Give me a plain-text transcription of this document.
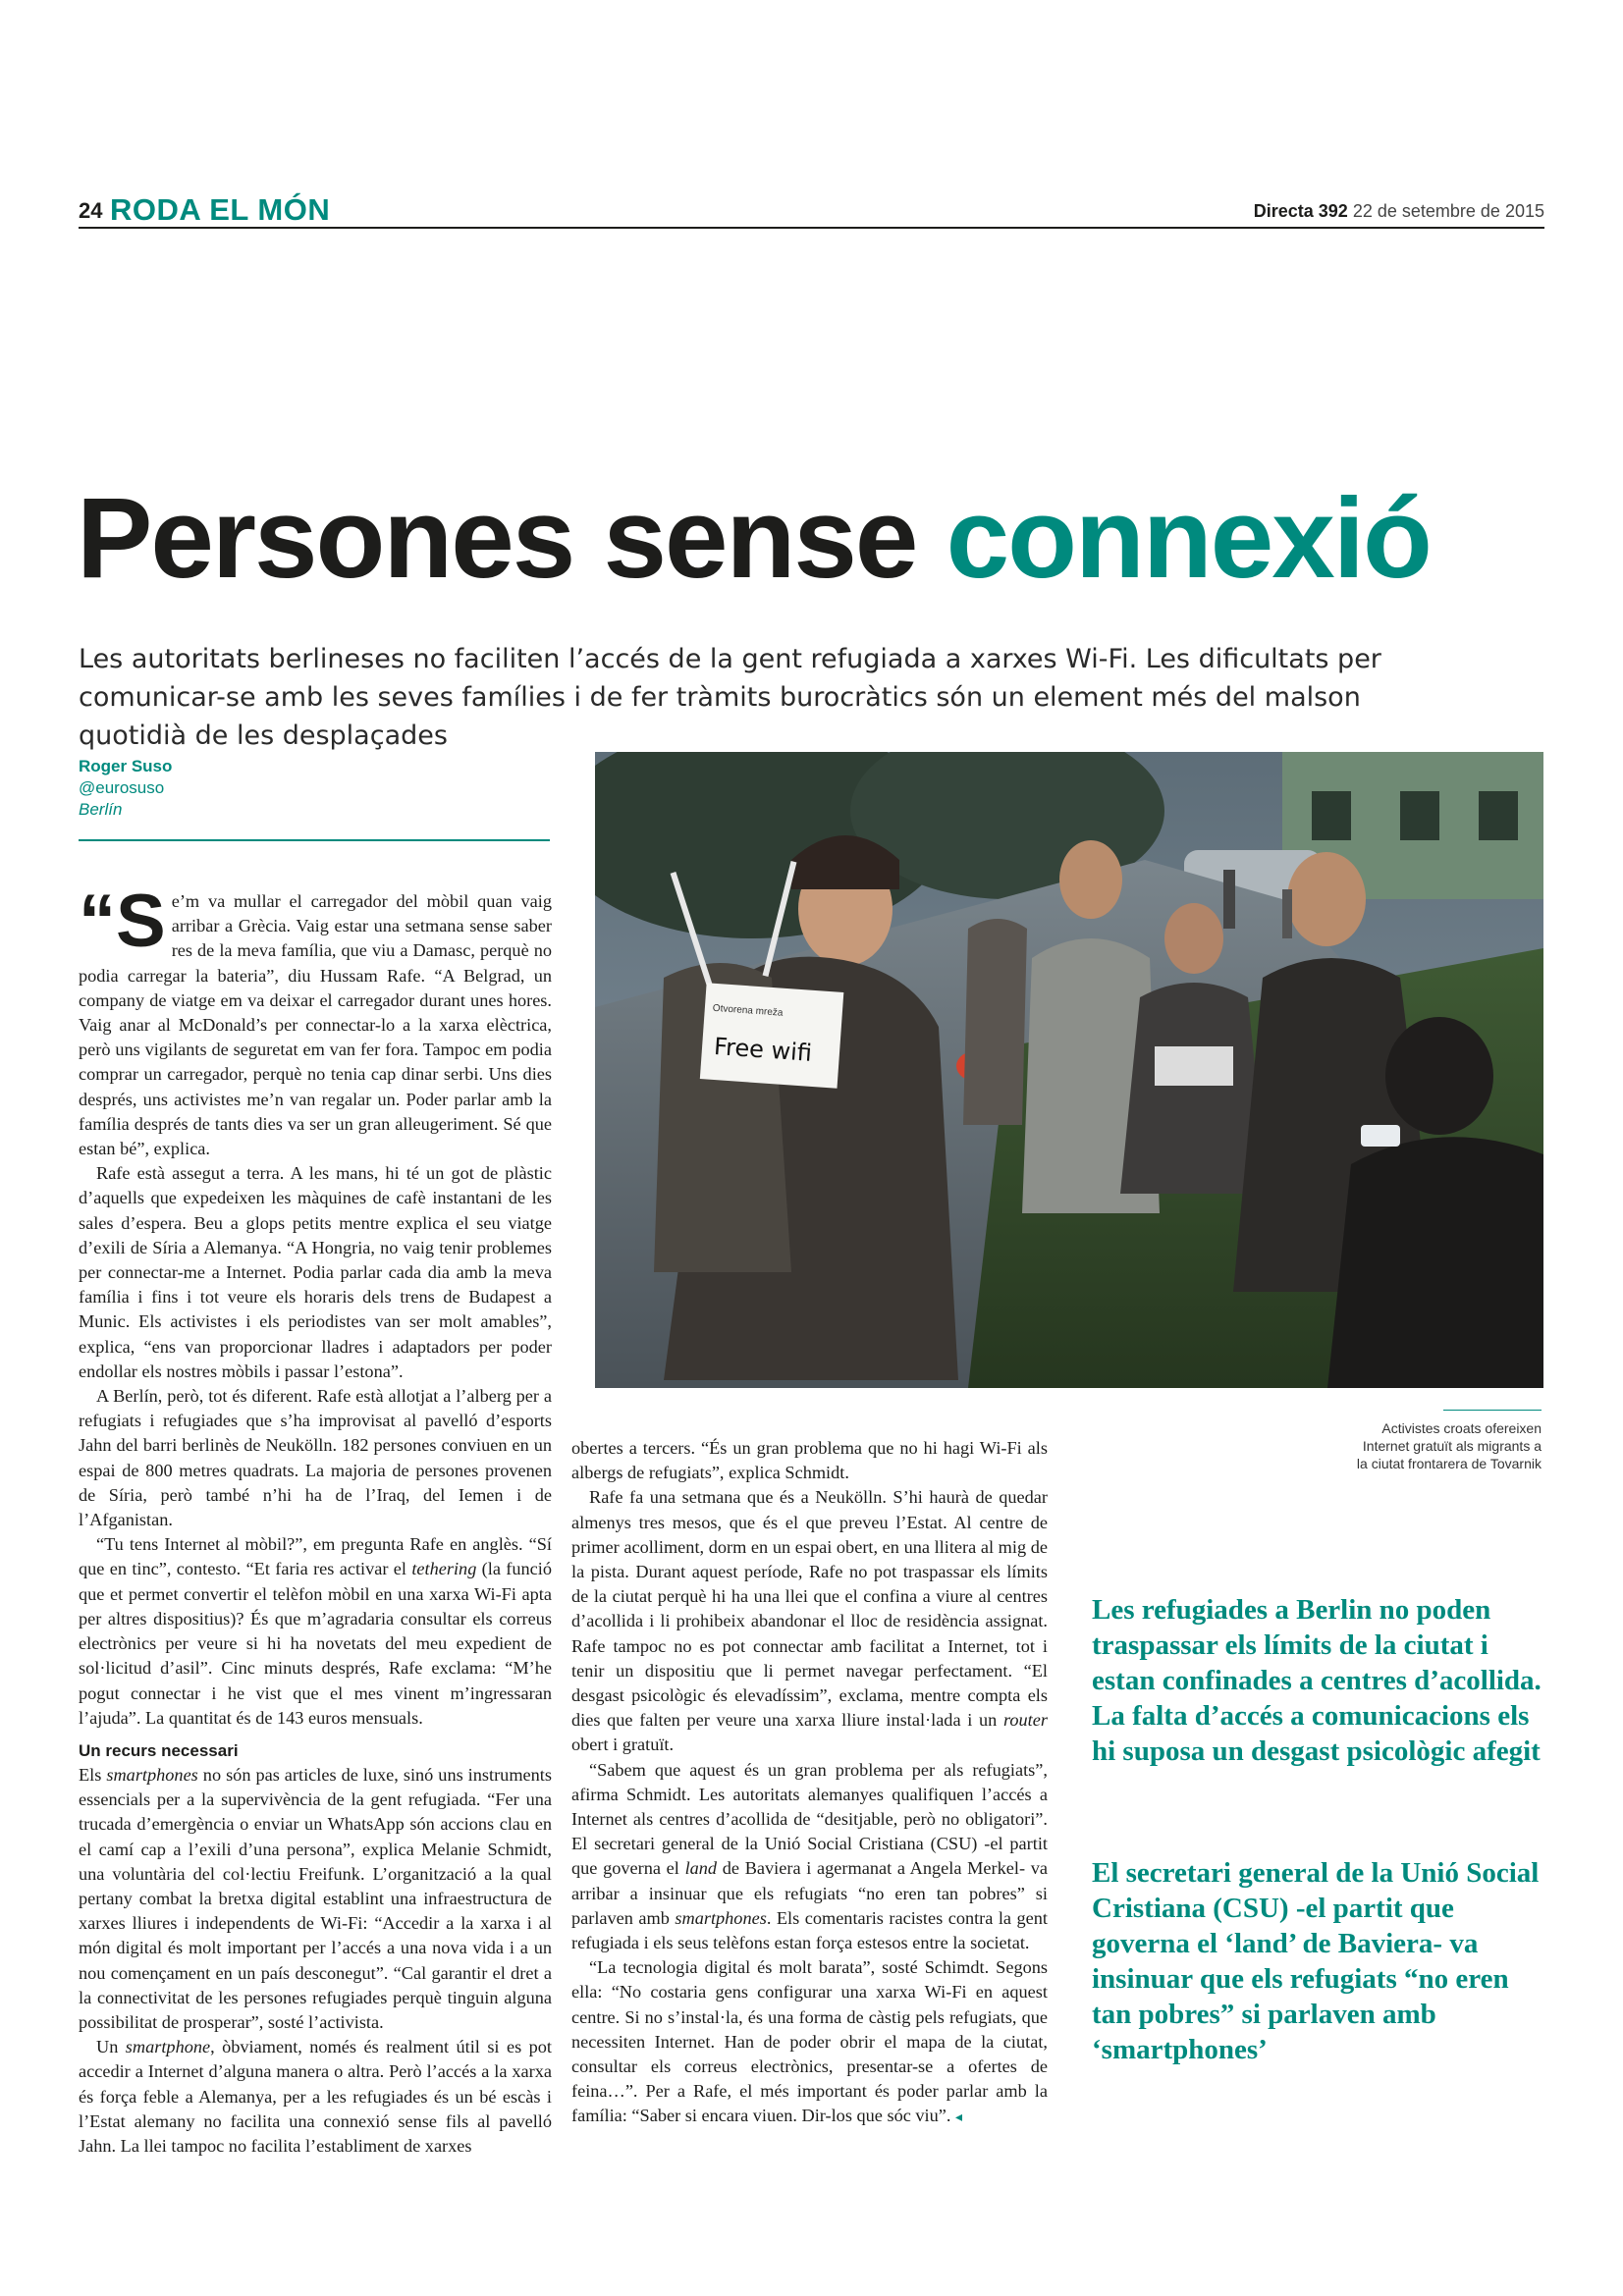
24 RODA EL MÓN	Directa 392 22 de setembre de 2015
Persones sense connexió
Les autoritats berlineses no faciliten l’accés de la gent refugiada a xarxes Wi-Fi. Les dificultats per comunicar-se amb les seves famílies i de fer tràmits burocràtics són un element més del malson quotidià de les desplaçades
Roger Suso
@eurosuso
Berlín

“Se’m va mullar el carregador del mòbil quan vaig arribar a Grècia. Vaig estar una setmana sense saber res de la meva família, que viu a Damasc, perquè no podia carregar la bateria”, diu Hussam Rafe. “A Belgrad, un company de viatge em va deixar el carregador durant unes hores. Vaig anar al McDonald’s per connectar-lo a la xarxa elèctrica, però uns vigilants de seguretat em van fer fora. Tampoc em podia comprar un carregador, perquè no tenia cap dinar serbi. Uns dies després, uns activistes me’n van regalar un. Poder parlar amb la família després de tants dies va ser un gran alleugeriment. Sé que estan bé”, explica.

Rafe està assegut a terra. A les mans, hi té un got de plàstic d’aquells que expedeixen les màquines de cafè instantani de les sales d’espera. Beu a glops petits mentre explica el seu viatge d’exili de Síria a Alemanya. “A Hongria, no vaig tenir problemes per connectar-me a Internet. Podia parlar cada dia amb la meva família i fins i tot veure els horaris dels trens de Budapest a Munic. Els activistes i els periodistes van ser molt amables”, explica, “ens van proporcionar lladres i adaptadors per poder endollar els nostres mòbils i passar l’estona”.

A Berlín, però, tot és diferent. Rafe està allotjat a l’alberg per a refugiats i refugiades que s’ha improvisat al pavelló d’esports Jahn del barri berlinès de Neukölln. 182 persones conviuen en un espai de 800 metres quadrats. La majoria de persones provenen de Síria, però també n’hi ha de l’Iraq, del Iemen i de l’Afganistan.

“Tu tens Internet al mòbil?”, em pregunta Rafe en anglès. “Sí que en tinc”, contesto. “Et faria res activar el tethering (la funció que et permet convertir el telèfon mòbil en una xarxa Wi-Fi apta per altres dispositius)? És que m’agradaria consultar els correus electrònics per veure si hi ha novetats del meu expedient de sol·licitud d’asil”. Cinc minuts després, Rafe exclama: “M’he pogut connectar i he vist que el mes vinent m’ingressaran l’ajuda”. La quantitat és de 143 euros mensuals.

Un recurs necessari

Els smartphones no són pas articles de luxe, sinó uns instruments essencials per a la supervivència de la gent refugiada. “Fer una trucada d’emergència o enviar un WhatsApp són accions clau en el camí cap a l’exili d’una persona”, explica Melanie Schmidt, una voluntària del col·lectiu Freifunk. L’organització a la qual pertany combat la bretxa digital establint una infraestructura de xarxes lliures i independents de Wi-Fi: “Accedir a la xarxa i al món digital és molt important per l’accés a una nova vida i a un nou començament en un país desconegut”. “Cal garantir el dret a la connectivitat de les persones refugiades perquè tinguin alguna possibilitat de prosperar”, sosté l’activista.

Un smartphone, òbviament, només és realment útil si es pot accedir a Internet d’alguna manera o altra. Però l’accés a la xarxa és força feble a Alemanya, per a les refugiades és un bé escàs i l’Estat alemany no facilita una connexió sense fils al pavelló Jahn. La llei tampoc no facilita l’establiment de xarxes

obertes a tercers. “És un gran problema que no hi hagi Wi-Fi als albergs de refugiats”, explica Schmidt.

Rafe fa una setmana que és a Neukölln. S’hi haurà de quedar almenys tres mesos, que és el que preveu l’Estat. Al centre de primer acolliment, dorm en un espai obert, en una llitera al mig de la pista. Durant aquest període, Rafe no pot traspassar els límits de la ciutat perquè hi ha una llei que el confina a viure al centres d’acollida i li prohibeix abandonar el lloc de residència assignat. Rafe tampoc no es pot connectar amb facilitat a Internet, tot i tenir un dispositiu que li permet navegar perfectament. “El desgast psicològic és elevadíssim”, exclama, mentre compta els dies que falten per veure una xarxa lliure instal·lada i un router obert i gratuït.

“Sabem que aquest és un gran problema per als refugiats”, afirma Schmidt. Les autoritats alemanyes qualifiquen l’accés a Internet als centres d’acollida de “desitjable, però no obligatori”. El secretari general de la Unió Social Cristiana (CSU) -el partit que governa el land de Baviera i agermanat a Angela Merkel- va arribar a insinuar que els refugiats “no eren tan pobres” si parlaven amb smartphones. Els comentaris racistes contra la gent refugiada i els seus telèfons estan força estesos entre la societat.

“La tecnologia digital és molt barata”, sosté Schimdt. Segons ella: “No costaria gens configurar una xarxa Wi-Fi en aquest centre. Si no s’instal·la, és una forma de càstig pels refugiats, que necessiten Internet. Han de poder obrir el mapa de la ciutat, consultar els correus electrònics, presentar-se a ofertes de feina…”. Per a Rafe, el més important és poder parlar amb la família: “Saber si encara viuen. Dir-los que sóc viu”. ◂

Otvorena mreža
Free wifi
Activistes croats ofereixen Internet gratuït als migrants a la ciutat frontarera de Tovarnik
Les refugiades a Berlin no poden traspassar els límits de la ciutat i estan confinades a centres d’acollida. La falta d’accés a comunicacions els hi suposa un desgast psicològic afegit
El secretari general de la Unió Social Cristiana (CSU) -el partit que governa el ‘land’ de Baviera- va insinuar que els refugiats “no eren tan pobres” si parlaven amb ‘smartphones’
